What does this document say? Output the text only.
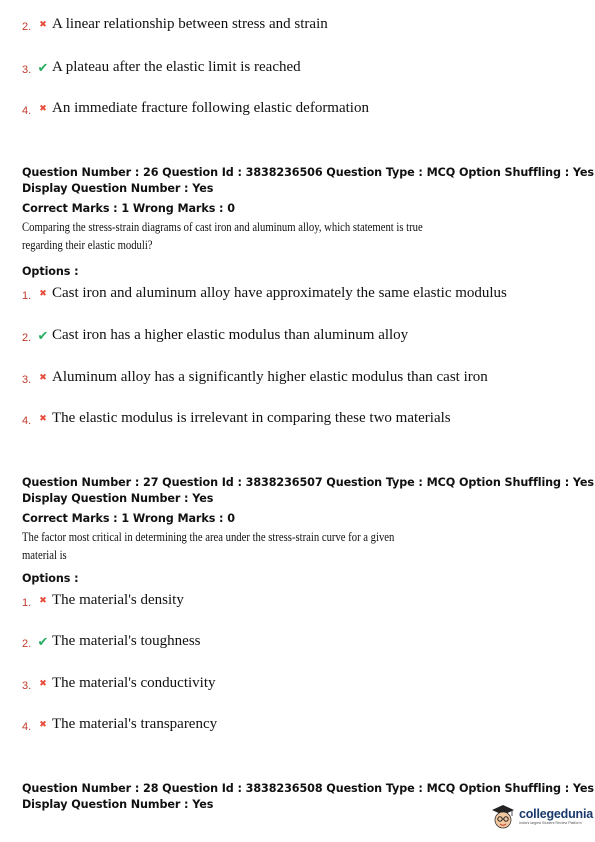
2. ✖ A linear relationship between stress and strain
3. ✔ A plateau after the elastic limit is reached
4. ✖ An immediate fracture following elastic deformation
Question Number : 26 Question Id : 3838236506 Question Type : MCQ Option Shuffling : Yes
Display Question Number : Yes
Correct Marks : 1 Wrong Marks : 0
Comparing the stress-strain diagrams of cast iron and aluminum alloy, which statement is true
regarding their elastic moduli?
Options :
1. ✖ Cast iron and aluminum alloy have approximately the same elastic modulus
2. ✔ Cast iron has a higher elastic modulus than aluminum alloy
3. ✖ Aluminum alloy has a significantly higher elastic modulus than cast iron
4. ✖ The elastic modulus is irrelevant in comparing these two materials
Question Number : 27 Question Id : 3838236507 Question Type : MCQ Option Shuffling : Yes
Display Question Number : Yes
Correct Marks : 1 Wrong Marks : 0
The factor most critical in determining the area under the stress-strain curve for a given
material is
Options :
1. ✖ The material's density
2. ✔ The material's toughness
3. ✖ The material's conductivity
4. ✖ The material's transparency
Question Number : 28 Question Id : 3838236508 Question Type : MCQ Option Shuffling : Yes
Display Question Number : Yes
collegedunia
India's largest Student Review Platform
